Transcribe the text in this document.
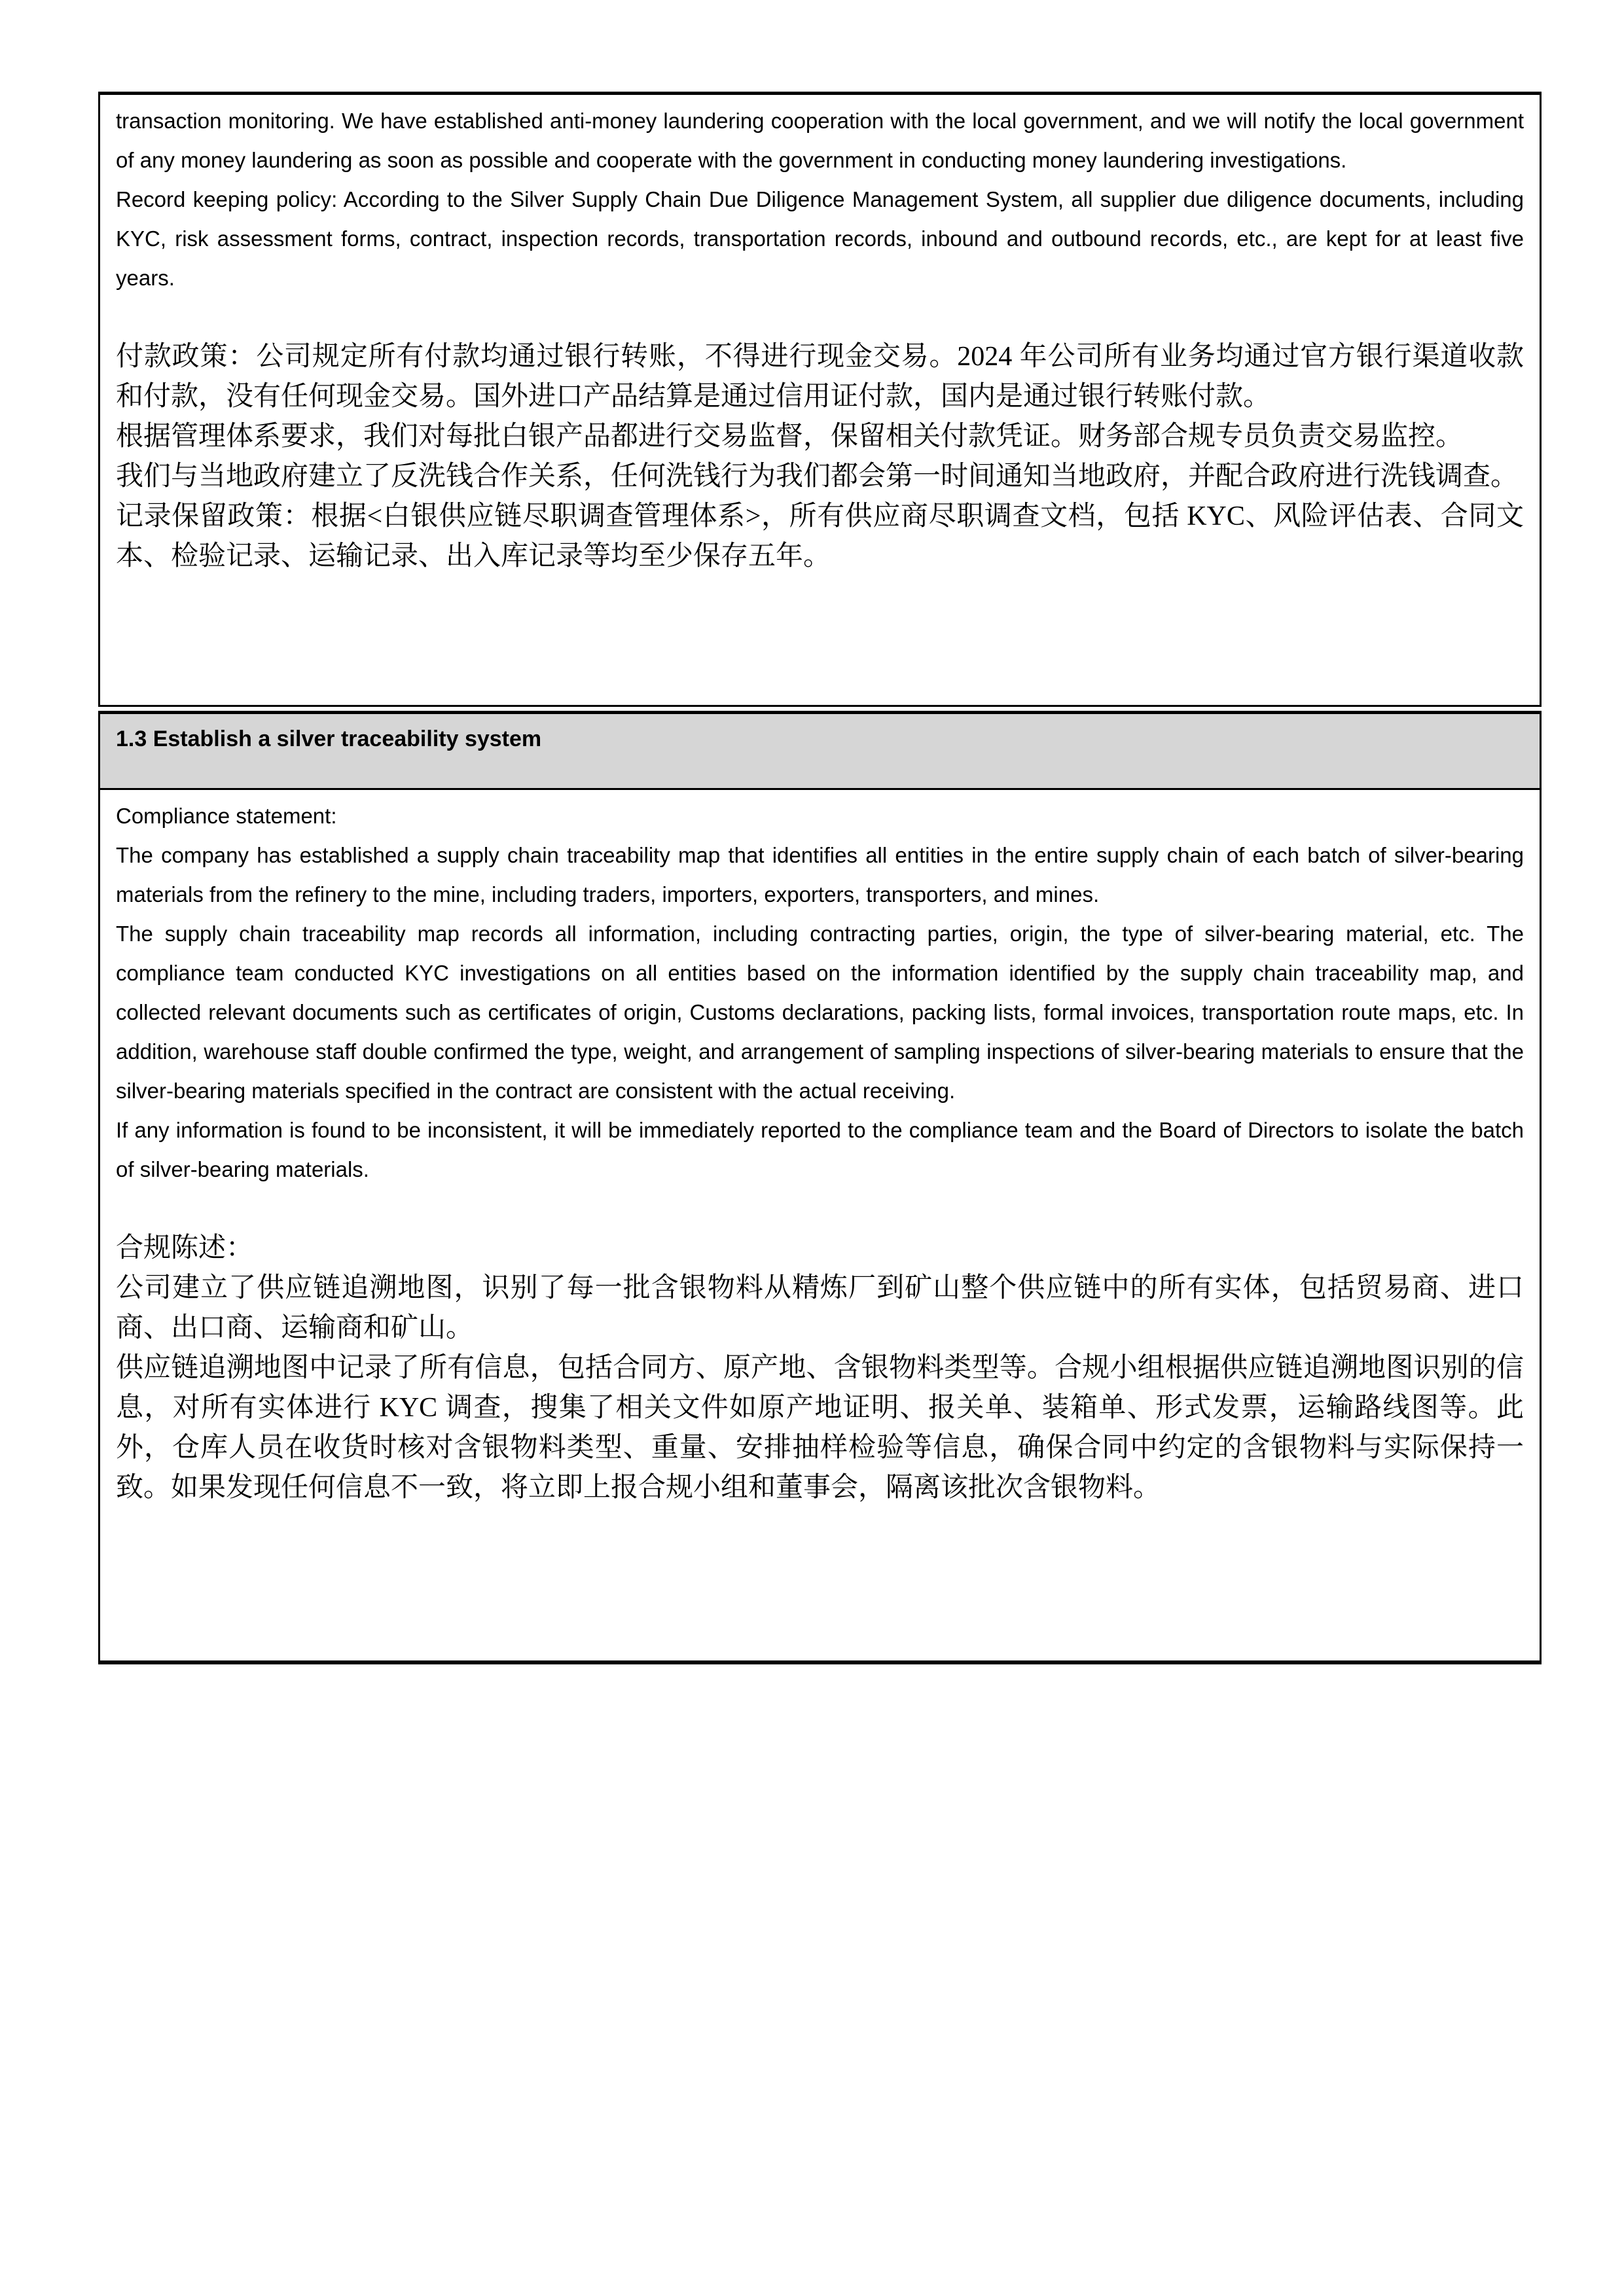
transaction monitoring. We have established anti-money laundering cooperation with the local government, and we will notify the local government of any money laundering as soon as possible and cooperate with the government in conducting money laundering investigations.

Record keeping policy: According to the Silver Supply Chain Due Diligence Management System, all supplier due diligence documents, including KYC, risk assessment forms, contract, inspection records, transportation records, inbound and outbound records, etc., are kept for at least five years.

付款政策：公司规定所有付款均通过银行转账，不得进行现金交易。2024 年公司所有业务均通过官方银行渠道收款和付款，没有任何现金交易。国外进口产品结算是通过信用证付款，国内是通过银行转账付款。

根据管理体系要求，我们对每批白银产品都进行交易监督，保留相关付款凭证。财务部合规专员负责交易监控。

我们与当地政府建立了反洗钱合作关系，任何洗钱行为我们都会第一时间通知当地政府，并配合政府进行洗钱调查。

记录保留政策：根据<白银供应链尽职调查管理体系>，所有供应商尽职调查文档，包括 KYC、风险评估表、合同文本、检验记录、运输记录、出入库记录等均至少保存五年。

1.3 Establish a silver traceability system

Compliance statement:

The company has established a supply chain traceability map that identifies all entities in the entire supply chain of each batch of silver-bearing materials from the refinery to the mine, including traders, importers, exporters, transporters, and mines.

The supply chain traceability map records all information, including contracting parties, origin, the type of silver-bearing material, etc. The compliance team conducted KYC investigations on all entities based on the information identified by the supply chain traceability map, and collected relevant documents such as certificates of origin, Customs declarations, packing lists, formal invoices, transportation route maps, etc. In addition, warehouse staff double confirmed the type, weight, and arrangement of sampling inspections of silver-bearing materials to ensure that the silver-bearing materials specified in the contract are consistent with the actual receiving.

If any information is found to be inconsistent, it will be immediately reported to the compliance team and the Board of Directors to isolate the batch of silver-bearing materials.

合规陈述：

公司建立了供应链追溯地图，识别了每一批含银物料从精炼厂到矿山整个供应链中的所有实体，包括贸易商、进口商、出口商、运输商和矿山。

供应链追溯地图中记录了所有信息，包括合同方、原产地、含银物料类型等。合规小组根据供应链追溯地图识别的信息，对所有实体进行 KYC 调查，搜集了相关文件如原产地证明、报关单、装箱单、形式发票，运输路线图等。此外，仓库人员在收货时核对含银物料类型、重量、安排抽样检验等信息，确保合同中约定的含银物料与实际保持一致。如果发现任何信息不一致，将立即上报合规小组和董事会，隔离该批次含银物料。
